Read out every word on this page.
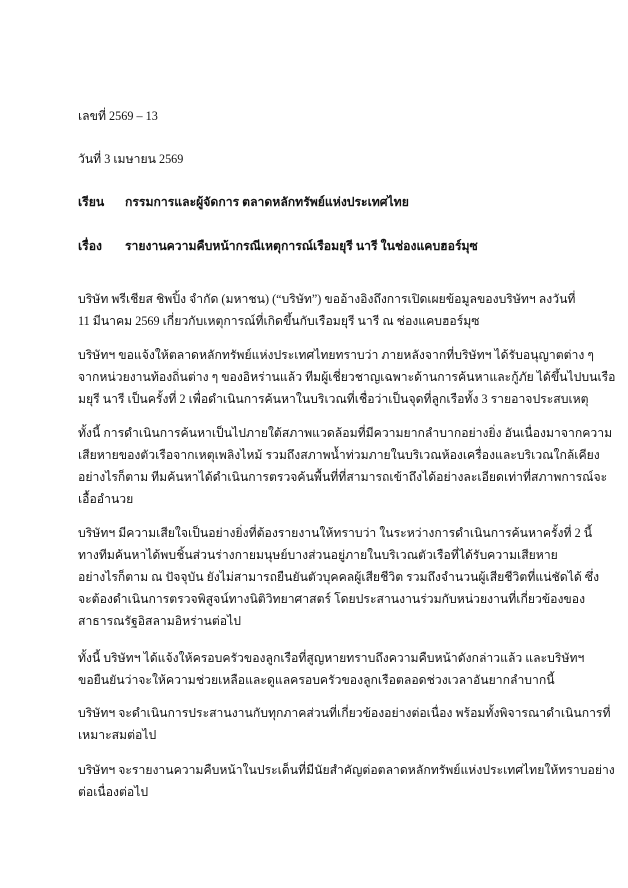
เลขที่ 2569 – 13
วันที่ 3 เมษายน 2569
เรียน กรรมการและผู้จัดการ ตลาดหลักทรัพย์แห่งประเทศไทย
เรื่อง รายงานความคืบหน้ากรณีเหตุการณ์เรือมยุรี นารี ในช่องแคบฮอร์มุซ
บริษัท พรีเชียส ชิพปิ้ง จำกัด (มหาชน) (“บริษัท”) ขออ้างอิงถึงการเปิดเผยข้อมูลของบริษัทฯ ลงวันที่
11 มีนาคม 2569 เกี่ยวกับเหตุการณ์ที่เกิดขึ้นกับเรือมยุรี นารี ณ ช่องแคบฮอร์มุซ
บริษัทฯ ขอแจ้งให้ตลาดหลักทรัพย์แห่งประเทศไทยทราบว่า ภายหลังจากที่บริษัทฯ ได้รับอนุญาตต่าง ๆ
จากหน่วยงานท้องถิ่นต่าง ๆ ของอิหร่านแล้ว ทีมผู้เชี่ยวชาญเฉพาะด้านการค้นหาและกู้ภัย ได้ขึ้นไปบนเรือ
มยุรี นารี เป็นครั้งที่ 2 เพื่อดำเนินการค้นหาในบริเวณที่เชื่อว่าเป็นจุดที่ลูกเรือทั้ง 3 รายอาจประสบเหตุ
ทั้งนี้ การดำเนินการค้นหาเป็นไปภายใต้สภาพแวดล้อมที่มีความยากลำบากอย่างยิ่ง อันเนื่องมาจากความ
เสียหายของตัวเรือจากเหตุเพลิงไหม้ รวมถึงสภาพน้ำท่วมภายในบริเวณห้องเครื่องและบริเวณใกล้เคียง
อย่างไรก็ตาม ทีมค้นหาได้ดำเนินการตรวจค้นพื้นที่ที่สามารถเข้าถึงได้อย่างละเอียดเท่าที่สภาพการณ์จะ
เอื้ออำนวย
บริษัทฯ มีความเสียใจเป็นอย่างยิ่งที่ต้องรายงานให้ทราบว่า ในระหว่างการดำเนินการค้นหาครั้งที่ 2 นี้
ทางทีมค้นหาได้พบชิ้นส่วนร่างกายมนุษย์บางส่วนอยู่ภายในบริเวณตัวเรือที่ได้รับความเสียหาย
อย่างไรก็ตาม ณ ปัจจุบัน ยังไม่สามารถยืนยันตัวบุคคลผู้เสียชีวิต รวมถึงจำนวนผู้เสียชีวิตที่แน่ชัดได้ ซึ่ง
จะต้องดำเนินการตรวจพิสูจน์ทางนิติวิทยาศาสตร์ โดยประสานงานร่วมกับหน่วยงานที่เกี่ยวข้องของ
สาธารณรัฐอิสลามอิหร่านต่อไป
ทั้งนี้ บริษัทฯ ได้แจ้งให้ครอบครัวของลูกเรือที่สูญหายทราบถึงความคืบหน้าดังกล่าวแล้ว และบริษัทฯ
ขอยืนยันว่าจะให้ความช่วยเหลือและดูแลครอบครัวของลูกเรือตลอดช่วงเวลาอันยากลำบากนี้
บริษัทฯ จะดำเนินการประสานงานกับทุกภาคส่วนที่เกี่ยวข้องอย่างต่อเนื่อง พร้อมทั้งพิจารณาดำเนินการที่
เหมาะสมต่อไป
บริษัทฯ จะรายงานความคืบหน้าในประเด็นที่มีนัยสำคัญต่อตลาดหลักทรัพย์แห่งประเทศไทยให้ทราบอย่าง
ต่อเนื่องต่อไป
